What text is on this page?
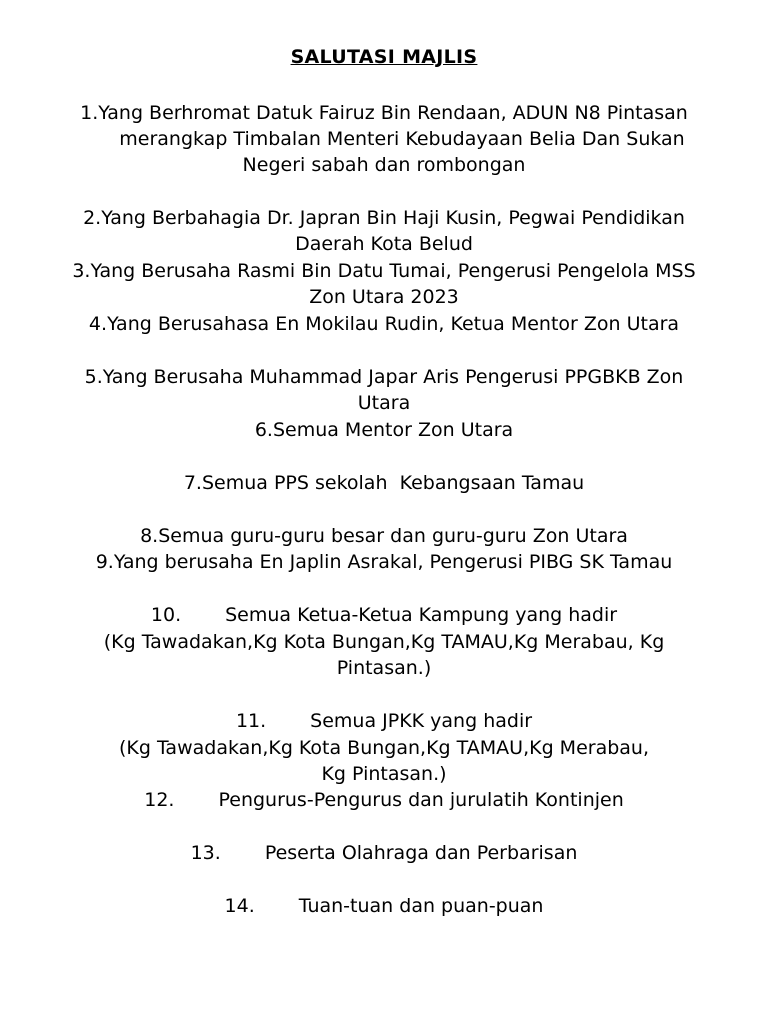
SALUTASI MAJLIS
1.Yang Berhromat Datuk Fairuz Bin Rendaan, ADUN N8 Pintasan
merangkap Timbalan Menteri Kebudayaan Belia Dan Sukan
Negeri sabah dan rombongan
2.Yang Berbahagia Dr. Japran Bin Haji Kusin, Pegwai Pendidikan
Daerah Kota Belud
3.Yang Berusaha Rasmi Bin Datu Tumai, Pengerusi Pengelola MSS
Zon Utara 2023
4.Yang Berusahasa En Mokilau Rudin, Ketua Mentor Zon Utara
5.Yang Berusaha Muhammad Japar Aris Pengerusi PPGBKB Zon
Utara
6.Semua Mentor Zon Utara
7.Semua PPS sekolah  Kebangsaan Tamau
8.Semua guru-guru besar dan guru-guru Zon Utara
9.Yang berusaha En Japlin Asrakal, Pengerusi PIBG SK Tamau
10. Semua Ketua-Ketua Kampung yang hadir
(Kg Tawadakan,Kg Kota Bungan,Kg TAMAU,Kg Merabau, Kg
Pintasan.)
11. Semua JPKK yang hadir
(Kg Tawadakan,Kg Kota Bungan,Kg TAMAU,Kg Merabau,
Kg Pintasan.)
12. Pengurus-Pengurus dan jurulatih Kontinjen
13. Peserta Olahraga dan Perbarisan
14. Tuan-tuan dan puan-puan
